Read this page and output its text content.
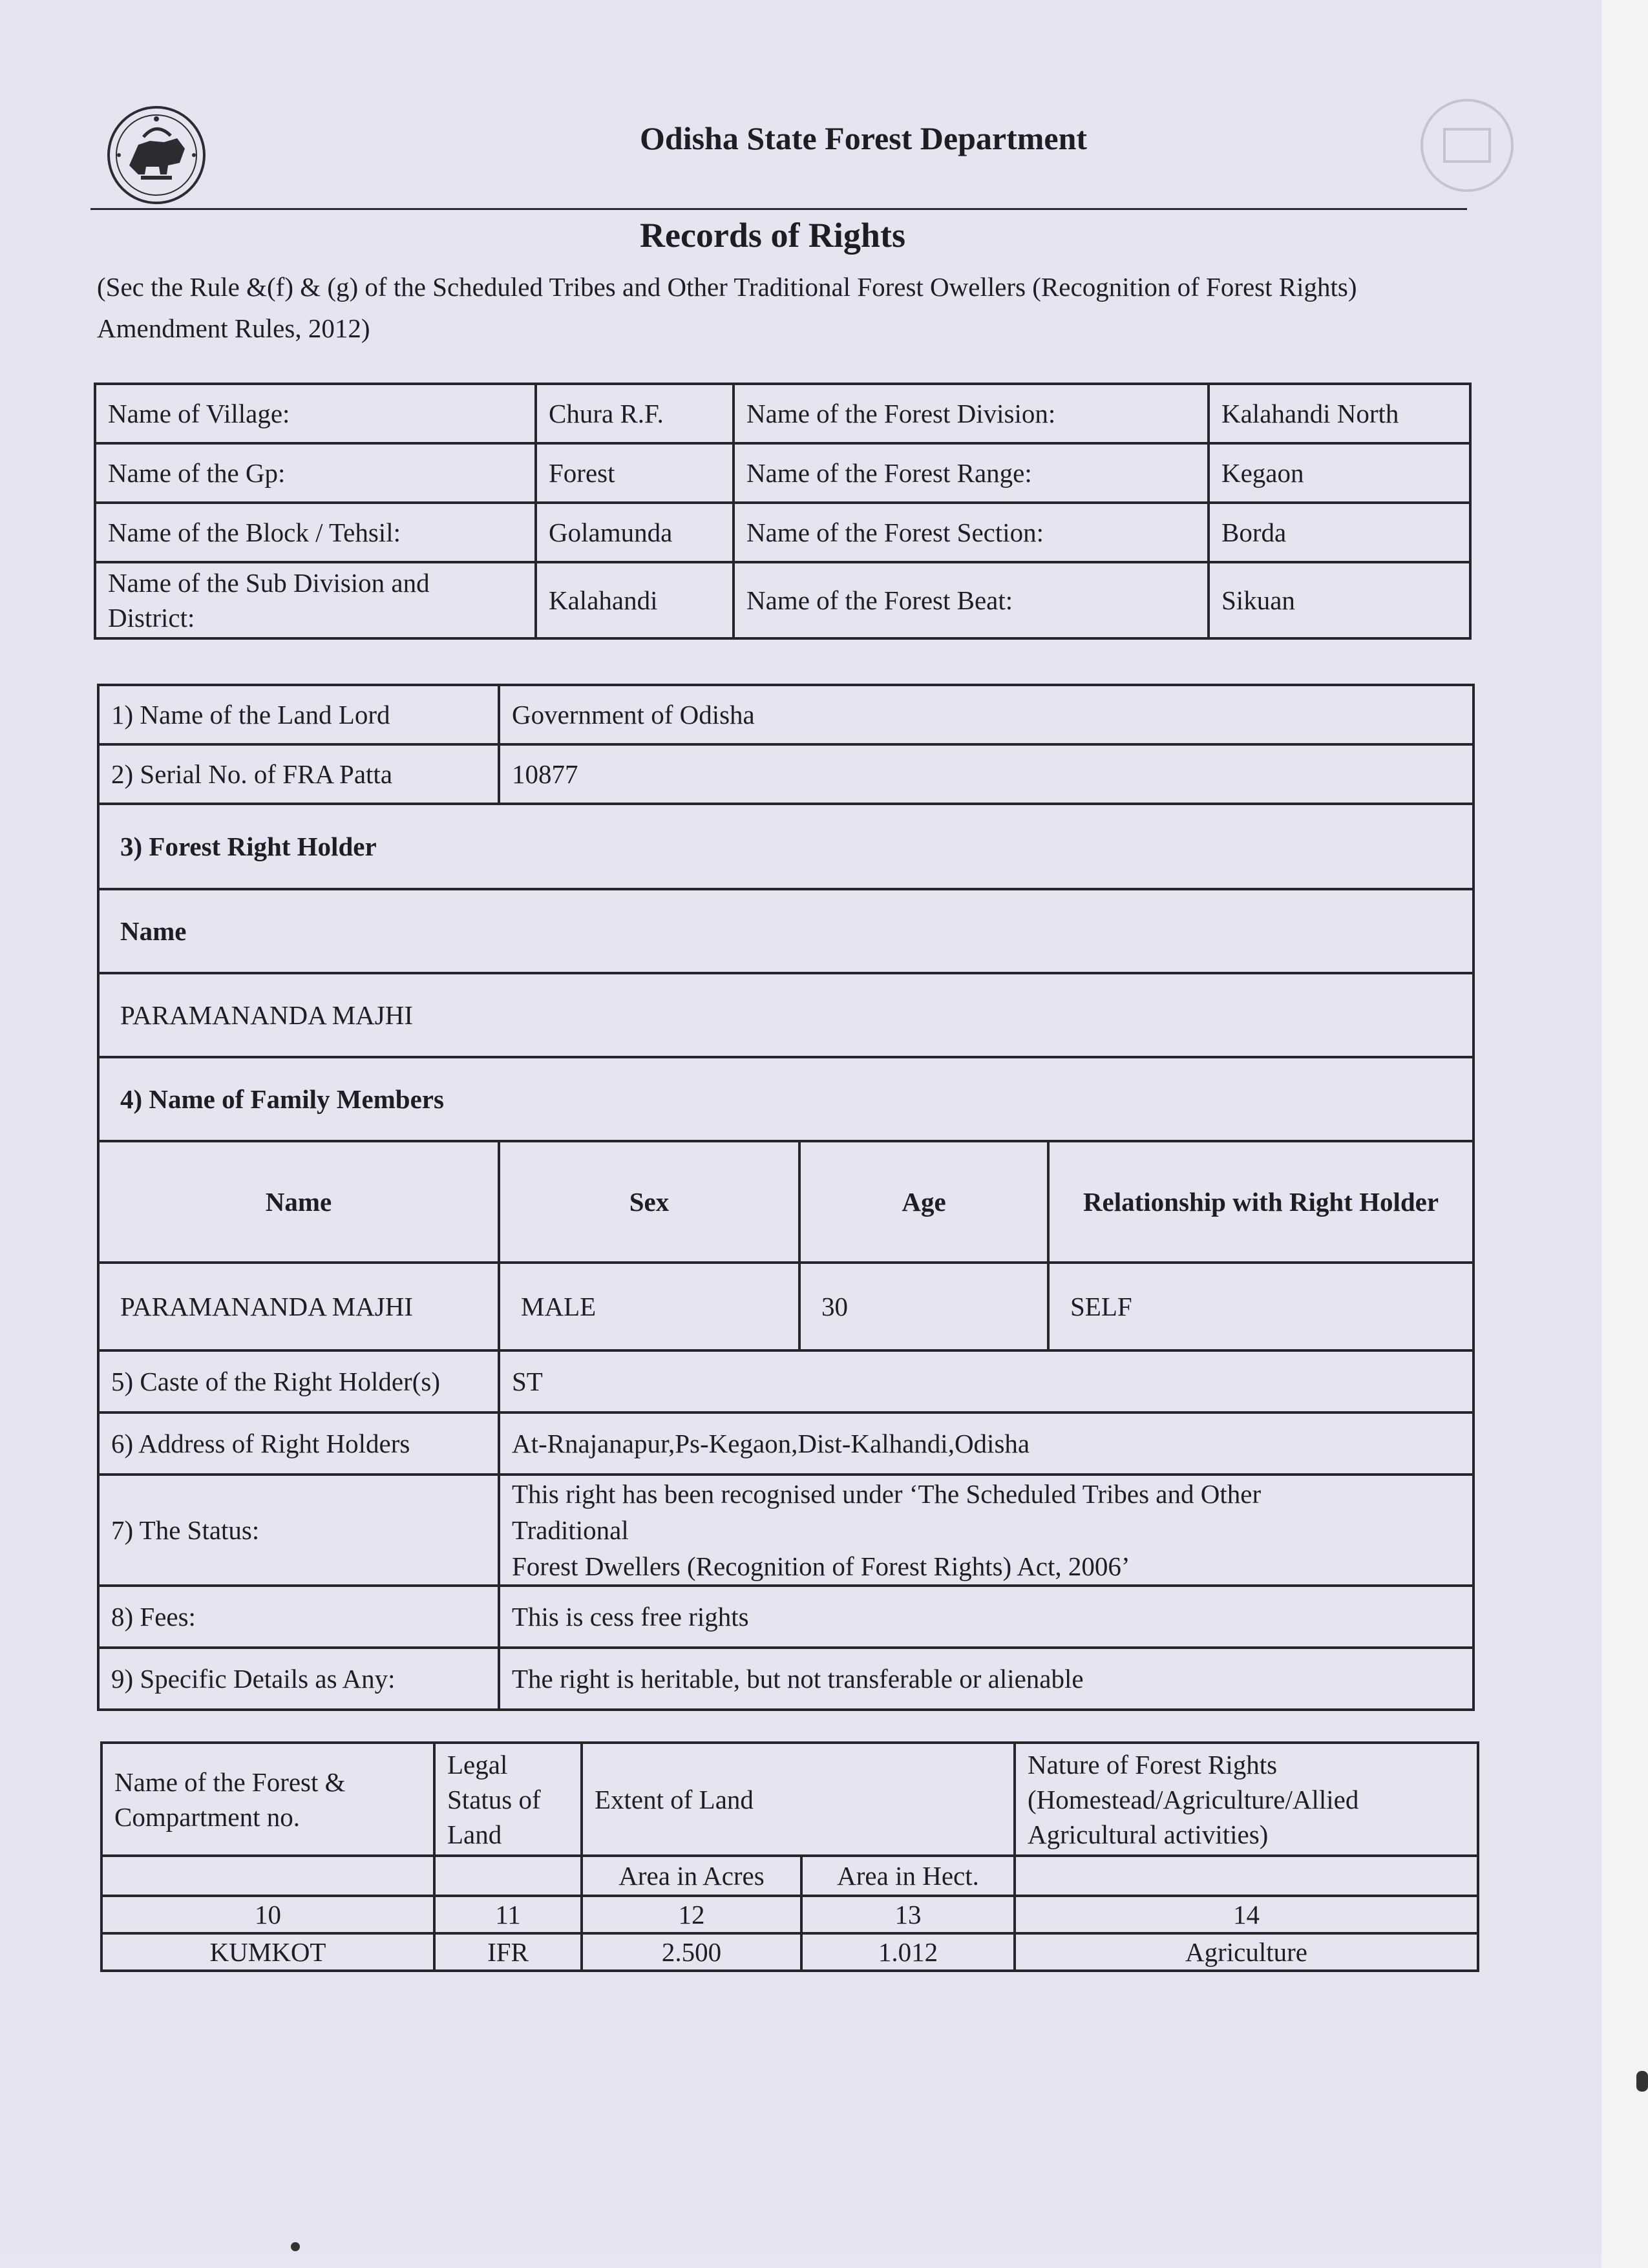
Odisha State Forest Department
Records of Rights
(Sec the Rule &(f) & (g) of the Scheduled Tribes and Other Traditional Forest Owellers (Recognition of Forest Rights) Amendment Rules, 2012)
Name of Village:	Chura R.F.	Name of the Forest Division:	Kalahandi North
Name of the Gp:	Forest	Name of the Forest Range:	Kegaon
Name of the Block / Tehsil:	Golamunda	Name of the Forest Section:	Borda
Name of the Sub Division and District:	Kalahandi	Name of the Forest Beat:	Sikuan
1) Name of the Land Lord	Government of Odisha		
2) Serial No. of FRA Patta	10877		
3) Forest Right Holder			
Name			
PARAMANANDA MAJHI			
4) Name of Family Members			
Name	Sex	Age	Relationship with Right Holder
PARAMANANDA MAJHI	MALE	30	SELF
5) Caste of the Right Holder(s)	ST		
6) Address of Right Holders	At-Rnajanapur,Ps-Kegaon,Dist-Kalhandi,Odisha		
7) The Status:	This right has been recognised under ‘The Scheduled Tribes and Other
Traditional
Forest Dwellers (Recognition of Forest Rights) Act, 2006’		

8) Fees:	This is cess free rights		
9) Specific Details as Any:	The right is heritable, but not transferable or alienable		
Name of the Forest & Compartment no.	Legal Status of Land	Extent of Land		Nature of Forest Rights (Homestead/Agriculture/Allied Agricultural activities)
		Area in Acres	Area in Hect.	
10	11	12	13	14
KUMKOT	IFR	2.500	1.012	Agriculture
